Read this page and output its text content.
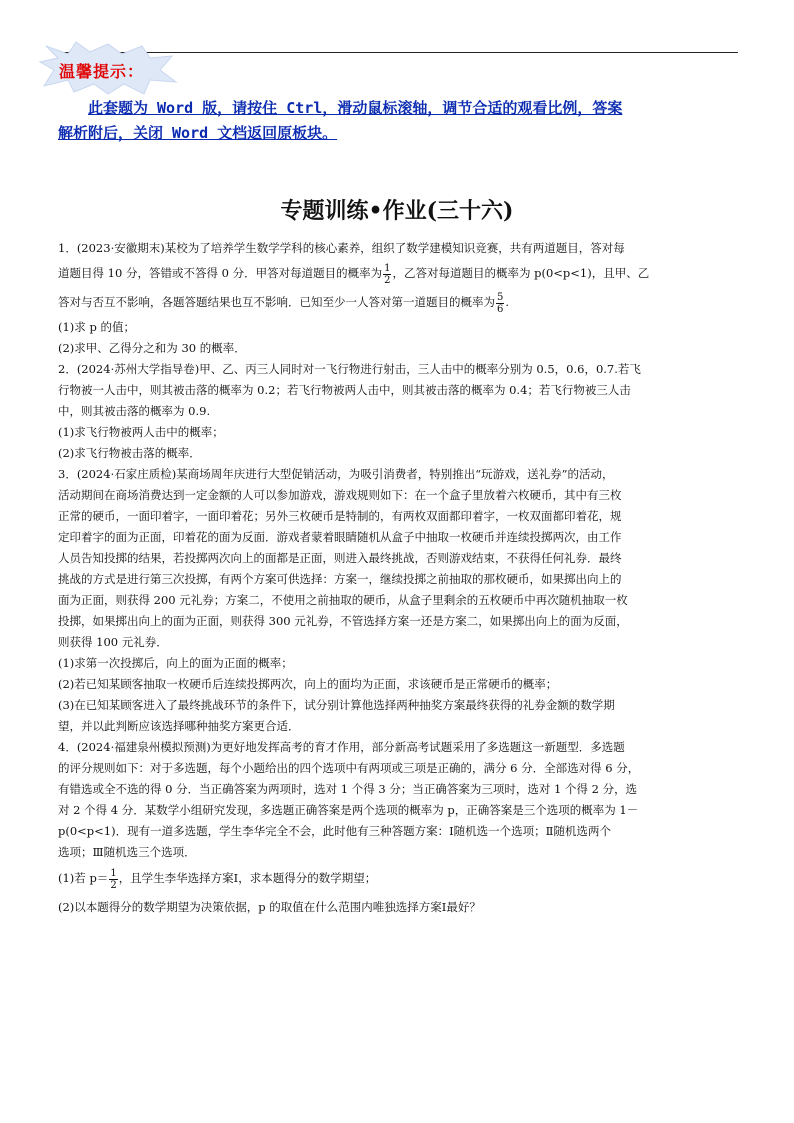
温馨提示：
此套题为 Word 版，请按住 Ctrl，滑动鼠标滚轴，调节合适的观看比例，答案
解析附后，关闭 Word 文档返回原板块。
专题训练•作业(三十六)

1．(2023·安徽期末)某校为了培养学生数学学科的核心素养，组织了数学建模知识竞赛，共有两道题目，答对每

道题目得 10 分，答错或不答得 0 分．甲答对每道题目的概率为 $\frac{1}{2}$ ，乙答对每道题目的概率为 p(0<p<1)，且甲、乙

答对与否互不影响，各题答题结果也互不影响．已知至少一人答对第一道题目的概率为 $\frac{5}{6}$ .

(1)求 p 的值；

(2)求甲、乙得分之和为 30 的概率．

2．(2024·苏州大学指导卷)甲、乙、丙三人同时对一飞行物进行射击，三人击中的概率分别为 0.5，0.6，0.7.若飞

行物被一人击中，则其被击落的概率为 0.2；若飞行物被两人击中，则其被击落的概率为 0.4；若飞行物被三人击

中，则其被击落的概率为 0.9.

(1)求飞行物被两人击中的概率；

(2)求飞行物被击落的概率．

3．(2024·石家庄质检)某商场周年庆进行大型促销活动，为吸引消费者，特别推出“玩游戏，送礼券”的活动，

活动期间在商场消费达到一定金额的人可以参加游戏，游戏规则如下：在一个盒子里放着六枚硬币，其中有三枚

正常的硬币，一面印着字，一面印着花；另外三枚硬币是特制的，有两枚双面都印着字，一枚双面都印着花，规

定印着字的面为正面，印着花的面为反面．游戏者蒙着眼睛随机从盒子中抽取一枚硬币并连续投掷两次，由工作

人员告知投掷的结果，若投掷两次向上的面都是正面，则进入最终挑战，否则游戏结束，不获得任何礼券．最终

挑战的方式是进行第三次投掷，有两个方案可供选择：方案一，继续投掷之前抽取的那枚硬币，如果掷出向上的

面为正面，则获得 200 元礼券；方案二，不使用之前抽取的硬币，从盒子里剩余的五枚硬币中再次随机抽取一枚

投掷，如果掷出向上的面为正面，则获得 300 元礼券，不管选择方案一还是方案二，如果掷出向上的面为反面，

则获得 100 元礼券．

(1)求第一次投掷后，向上的面为正面的概率；

(2)若已知某顾客抽取一枚硬币后连续投掷两次，向上的面均为正面，求该硬币是正常硬币的概率；

(3)在已知某顾客进入了最终挑战环节的条件下，试分别计算他选择两种抽奖方案最终获得的礼券金额的数学期

望，并以此判断应该选择哪种抽奖方案更合适．

4．(2024·福建泉州模拟预测)为更好地发挥高考的育才作用，部分新高考试题采用了多选题这一新题型．多选题

的评分规则如下：对于多选题，每个小题给出的四个选项中有两项或三项是正确的，满分 6 分．全部选对得 6 分，

有错选或全不选的得 0 分．当正确答案为两项时，选对 1 个得 3 分；当正确答案为三项时，选对 1 个得 2 分，选

对 2 个得 4 分．某数学小组研究发现，多选题正确答案是两个选项的概率为 p，正确答案是三个选项的概率为 1－

p(0<p<1)．现有一道多选题，学生李华完全不会，此时他有三种答题方案：Ⅰ随机选一个选项；Ⅱ随机选两个

选项；Ⅲ随机选三个选项．

(1)若 $p= \frac{1}{2}$ ，且学生李华选择方案Ⅰ，求本题得分的数学期望；

(2)以本题得分的数学期望为决策依据，p 的取值在什么范围内唯独选择方案Ⅰ最好？
